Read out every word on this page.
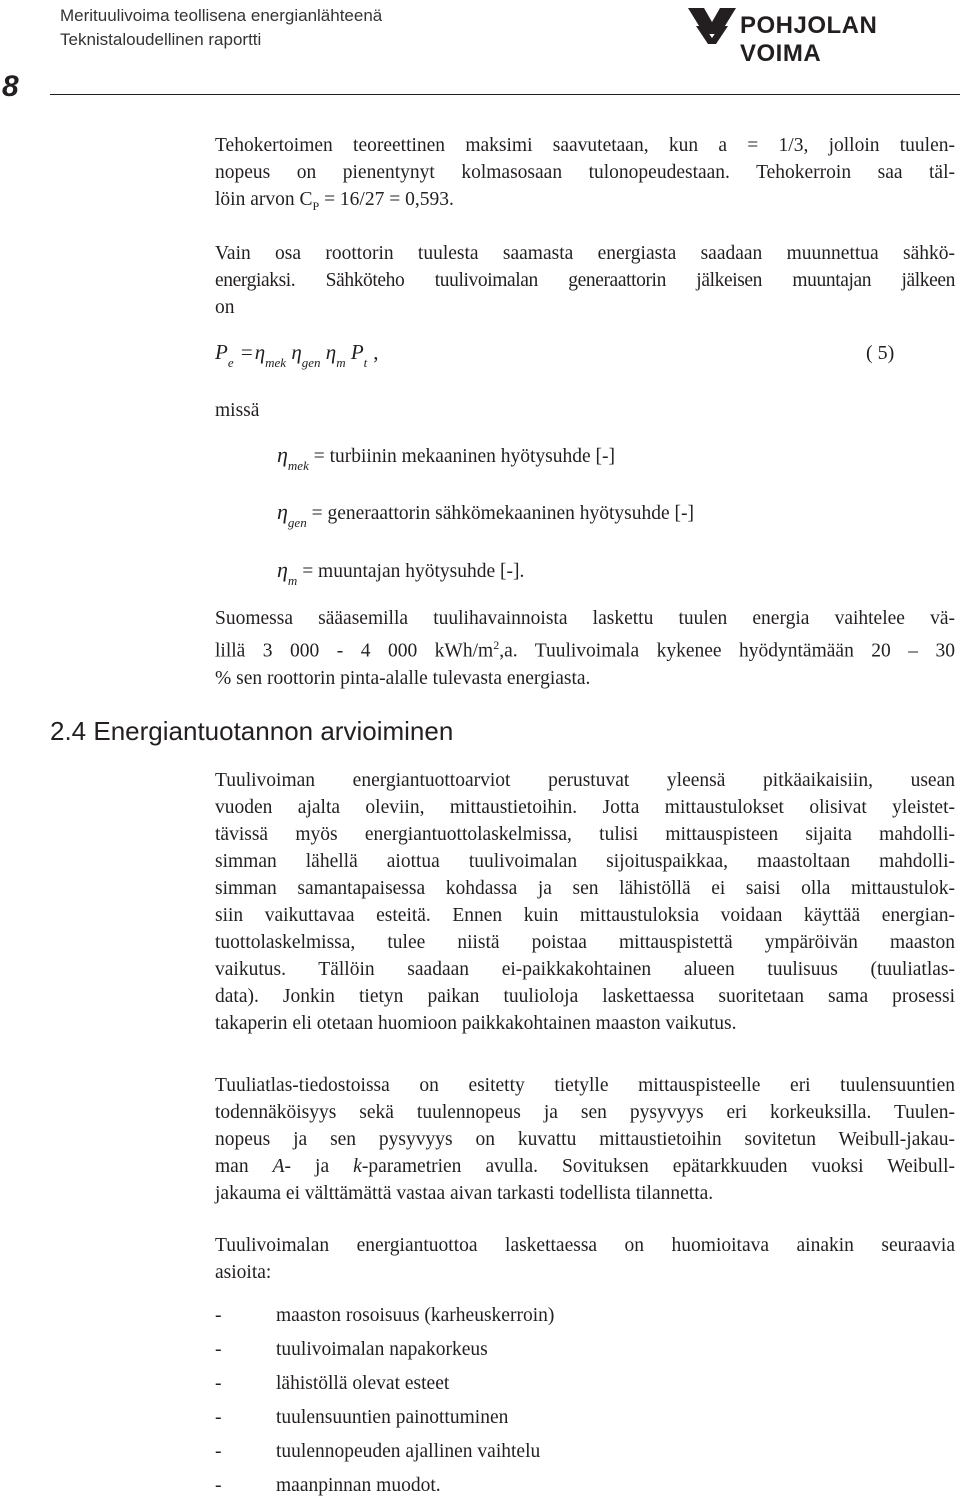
Merituulivoima teollisena energianlähteenä
Teknistaloudellinen raportti
8
POHJOLAN VOIMA
Tehokertoimen teoreettinen maksimi saavutetaan, kun a = 1/3, jolloin tuulen-
nopeus on pienentynyt kolmasosaan tulonopeudestaan. Tehokerroin saa täl-
löin arvon $C_P = 16/27 = 0,593$.
Vain osa roottorin tuulesta saamasta energiasta saadaan muunnettua sähkö-
energiaksi. Sähköteho tuulivoimalan generaattorin jälkeisen muuntajan jälkeen
on
$P_e =\eta_{mek}$ $\eta_{gen}$ $\eta_m$ $P_t$ ,	( 5)
missä
$\eta_{mek}$ = turbiinin mekaaninen hyötysuhde [-]
$\eta_{gen}$ = generaattorin sähkömekaaninen hyötysuhde [-]
$\eta_m$ = muuntajan hyötysuhde [-].
Suomessa sääasemilla tuulihavainnoista laskettu tuulen energia vaihtelee vä-
lillä 3 000 - 4 000 kWh/$m^2,a$. Tuulivoimala kykenee hyödyntämään 20 – 30
% sen roottorin pinta-alalle tulevasta energiasta.
2.4 Energiantuotannon arvioiminen
Tuulivoiman energiantuottoarviot perustuvat yleensä pitkäaikaisiin, usean
vuoden ajalta oleviin, mittaustietoihin. Jotta mittaustulokset olisivat yleistet-
tävissä myös energiantuottolaskelmissa, tulisi mittauspisteen sijaita mahdolli-
simman lähellä aiottua tuulivoimalan sijoituspaikkaa, maastoltaan mahdolli-
simman samantapaisessa kohdassa ja sen lähistöllä ei saisi olla mittaustulok-
siin vaikuttavaa esteitä. Ennen kuin mittaustuloksia voidaan käyttää energian-
tuottolaskelmissa, tulee niistä poistaa mittauspistettä ympäröivän maaston
vaikutus. Tällöin saadaan ei-paikkakohtainen alueen tuulisuus (tuuliatlas-
data). Jonkin tietyn paikan tuulioloja laskettaessa suoritetaan sama prosessi
takaperin eli otetaan huomioon paikkakohtainen maaston vaikutus.
Tuuliatlas-tiedostoissa on esitetty tietylle mittauspisteelle eri tuulensuuntien
todennäköisyys sekä tuulennopeus ja sen pysyvyys eri korkeuksilla. Tuulen-
nopeus ja sen pysyvyys on kuvattu mittaustietoihin sovitetun Weibull-jakau-
man A- ja k-parametrien avulla. Sovituksen epätarkkuuden vuoksi Weibull-
jakauma ei välttämättä vastaa aivan tarkasti todellista tilannetta.
Tuulivoimalan energiantuottoa laskettaessa on huomioitava ainakin seuraavia
asioita:
-	maaston rosoisuus (karheuskerroin)
-	tuulivoimalan napakorkeus
-	lähistöllä olevat esteet
-	tuulensuuntien painottuminen
-	tuulennopeuden ajallinen vaihtelu
-	maanpinnan muodot.
